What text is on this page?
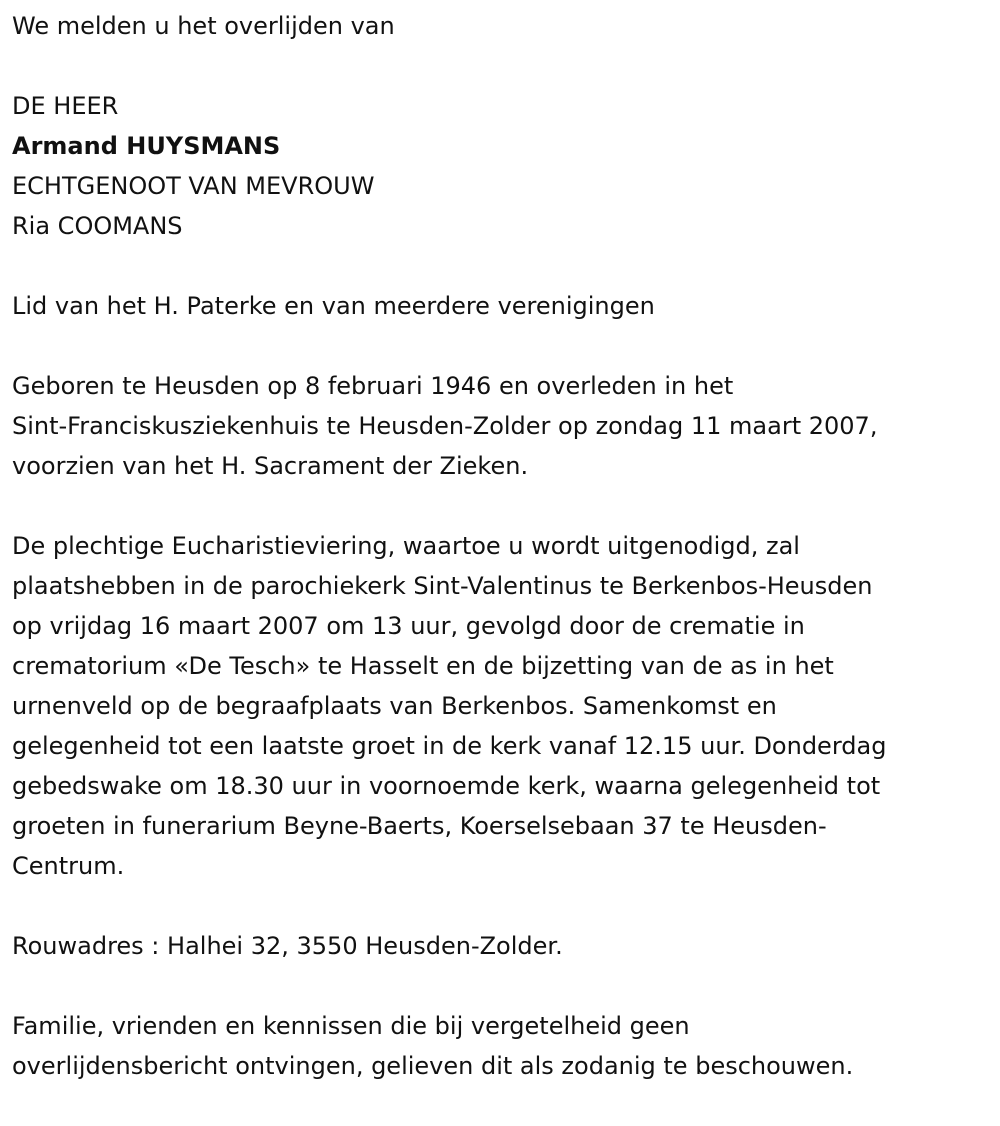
We melden u het overlijden van
DE HEER
Armand HUYSMANS
ECHTGENOOT VAN MEVROUW
Ria COOMANS
Lid van het H. Paterke en van meerdere verenigingen
Geboren te Heusden op 8 februari 1946 en overleden in het
Sint-Franciskusziekenhuis te Heusden-Zolder op zondag 11 maart 2007,
voorzien van het H. Sacrament der Zieken.
De plechtige Eucharistieviering, waartoe u wordt uitgenodigd, zal
plaatshebben in de parochiekerk Sint-Valentinus te Berkenbos-Heusden
op vrijdag 16 maart 2007 om 13 uur, gevolgd door de crematie in
crematorium «De Tesch» te Hasselt en de bijzetting van de as in het
urnenveld op de begraafplaats van Berkenbos. Samenkomst en
gelegenheid tot een laatste groet in de kerk vanaf 12.15 uur. Donderdag
gebedswake om 18.30 uur in voornoemde kerk, waarna gelegenheid tot
groeten in funerarium Beyne-Baerts, Koerselsebaan 37 te Heusden-
Centrum.
Rouwadres : Halhei 32, 3550 Heusden-Zolder.
Familie, vrienden en kennissen die bij vergetelheid geen
overlijdensbericht ontvingen, gelieven dit als zodanig te beschouwen.
